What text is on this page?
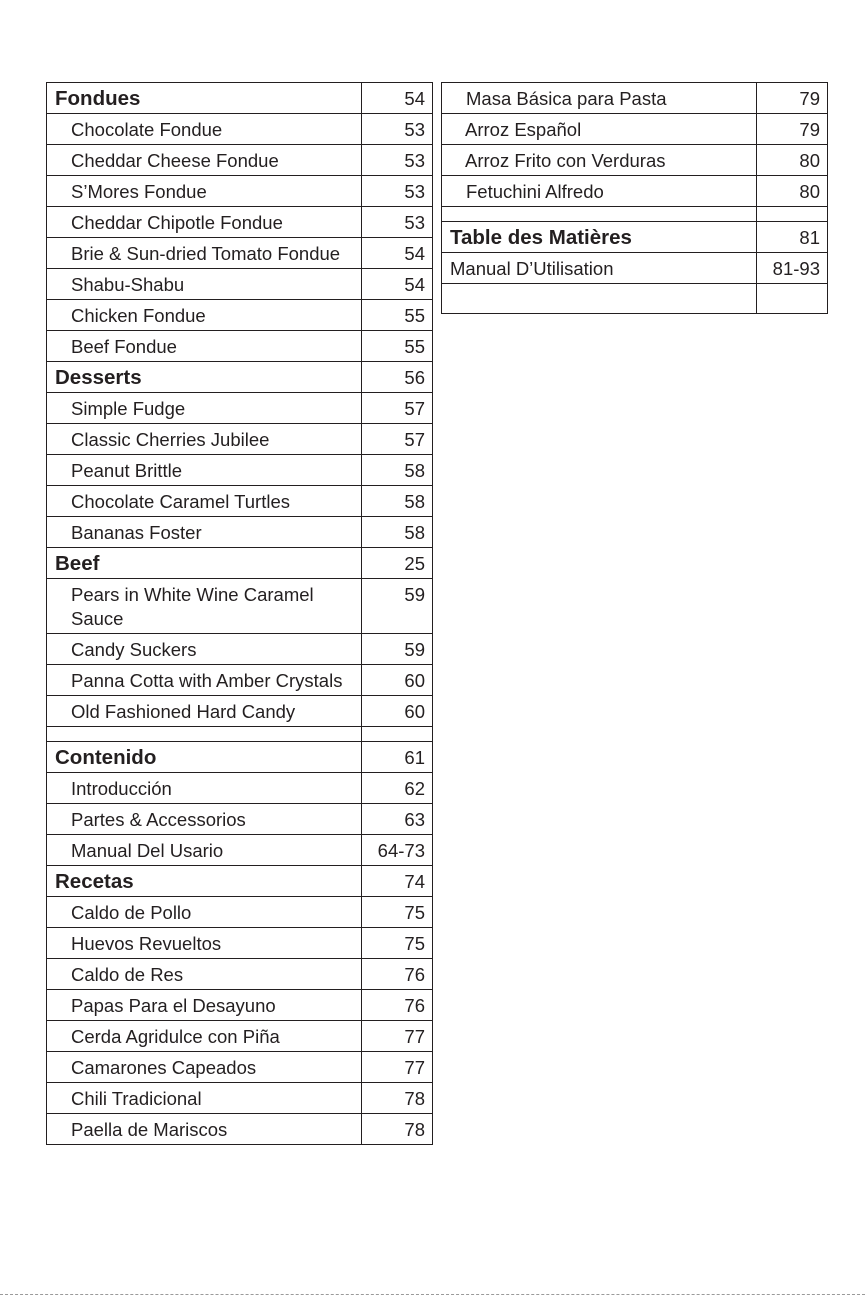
Fondues	54
Chocolate Fondue	53
Cheddar Cheese Fondue	53
S’Mores Fondue	53
Cheddar Chipotle Fondue	53
Brie & Sun-dried Tomato Fondue	54
Shabu-Shabu	54
Chicken Fondue	55
Beef Fondue	55
Desserts	56
Simple Fudge	57
Classic Cherries Jubilee	57
Peanut Brittle	58
Chocolate Caramel Turtles	58
Bananas Foster	58
Beef	25
Pears in White Wine Caramel Sauce	59
Candy Suckers	59
Panna Cotta with Amber Crystals	60
Old Fashioned Hard Candy	60

Contenido	61
Introducción	62
Partes & Accessorios	63
Manual Del Usario	64-73
Recetas	74
Caldo de Pollo	75
Huevos Revueltos	75
Caldo de Res	76
Papas Para el Desayuno	76
Cerda Agridulce con Piña	77
Camarones Capeados	77
Chili Tradicional	78
Paella de Mariscos	78
Masa Básica para Pasta	79
Arroz Español	79
Arroz Frito con Verduras	80
Fetuchini Alfredo	80

Table des Matières	81
Manual D’Utilisation	81-93
